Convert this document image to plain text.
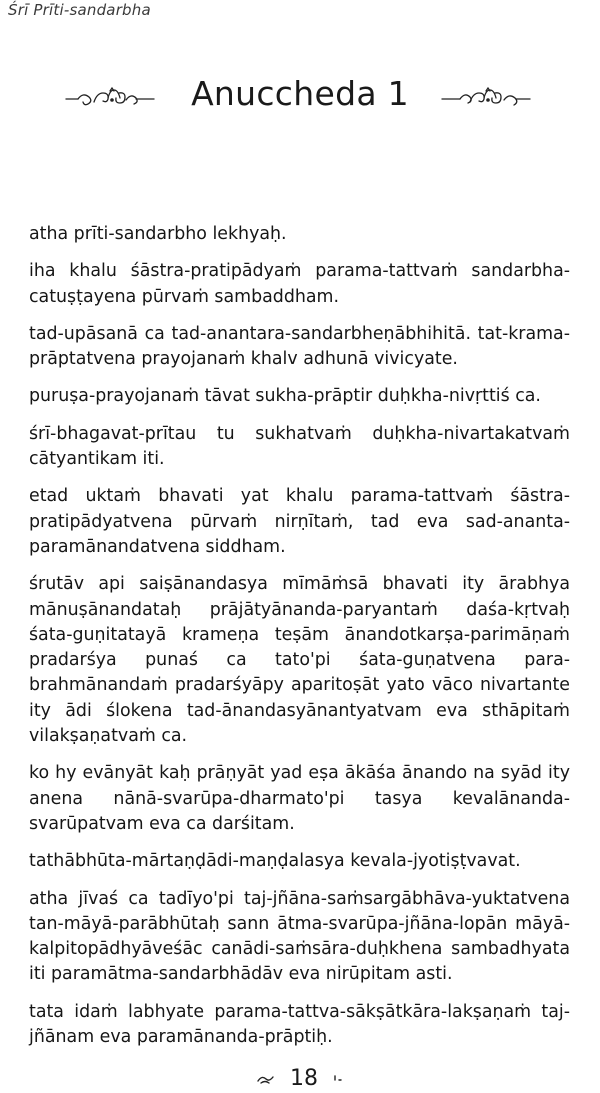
Śrī Prīti-sandarbha
Anuccheda 1

atha prīti-sandarbho lekhyaḥ.

iha khalu śāstra-pratipādyaṁ parama-tattvaṁ sandarbha-catuṣṭayena pūrvaṁ sambaddham.

tad-upāsanā ca tad-anantara-sandarbheṇābhihitā. tat-krama-prāptatvena prayojanaṁ khalv adhunā vivicyate.

puruṣa-prayojanaṁ tāvat sukha-prāptir duḥkha-nivṛttiś ca.

śrī-bhagavat-prītau tu sukhatvaṁ duḥkha-nivartakatvaṁ cātyantikam iti.

etad uktaṁ bhavati yat khalu parama-tattvaṁ śāstra-pratipādyatvena pūrvaṁ nirṇītaṁ, tad eva sad-ananta-paramānandatvena siddham.

śrutāv api saiṣānandasya mīmāṁsā bhavati ity ārabhya mānuṣānandataḥ prājātyānanda-paryantaṁ daśa-kṛtvaḥ śata-guṇitatayā krameṇa teṣām ānandotkarṣa-parimāṇaṁ pradarśya punaś ca tato'pi śata-guṇatvena para-brahmānandaṁ pradarśyāpy aparitoṣāt yato vāco nivartante ity ādi ślokena tad-ānandasyānantyatvam eva sthāpitaṁ vilakṣaṇatvaṁ ca.

ko hy evānyāt kaḥ prāṇyāt yad eṣa ākāśa ānando na syād ity anena nānā-svarūpa-dharmato'pi tasya kevalānanda-svarūpatvam eva ca darśitam.

tathābhūta-mārtaṇḍādi-maṇḍalasya kevala-jyotiṣṭvavat.

atha jīvaś ca tadīyo'pi taj-jñāna-saṁsargābhāva-yuktatvena tan-māyā-parābhūtaḥ sann ātma-svarūpa-jñāna-lopān māyā-kalpitopādhyāveśāc canādi-saṁsāra-duḥkhena sambadhyata iti paramātma-sandarbhādāv eva nirūpitam asti.

tata idaṁ labhyate parama-tattva-sākṣātkāra-lakṣaṇaṁ taj-jñānam eva paramānanda-prāptiḥ.

18
